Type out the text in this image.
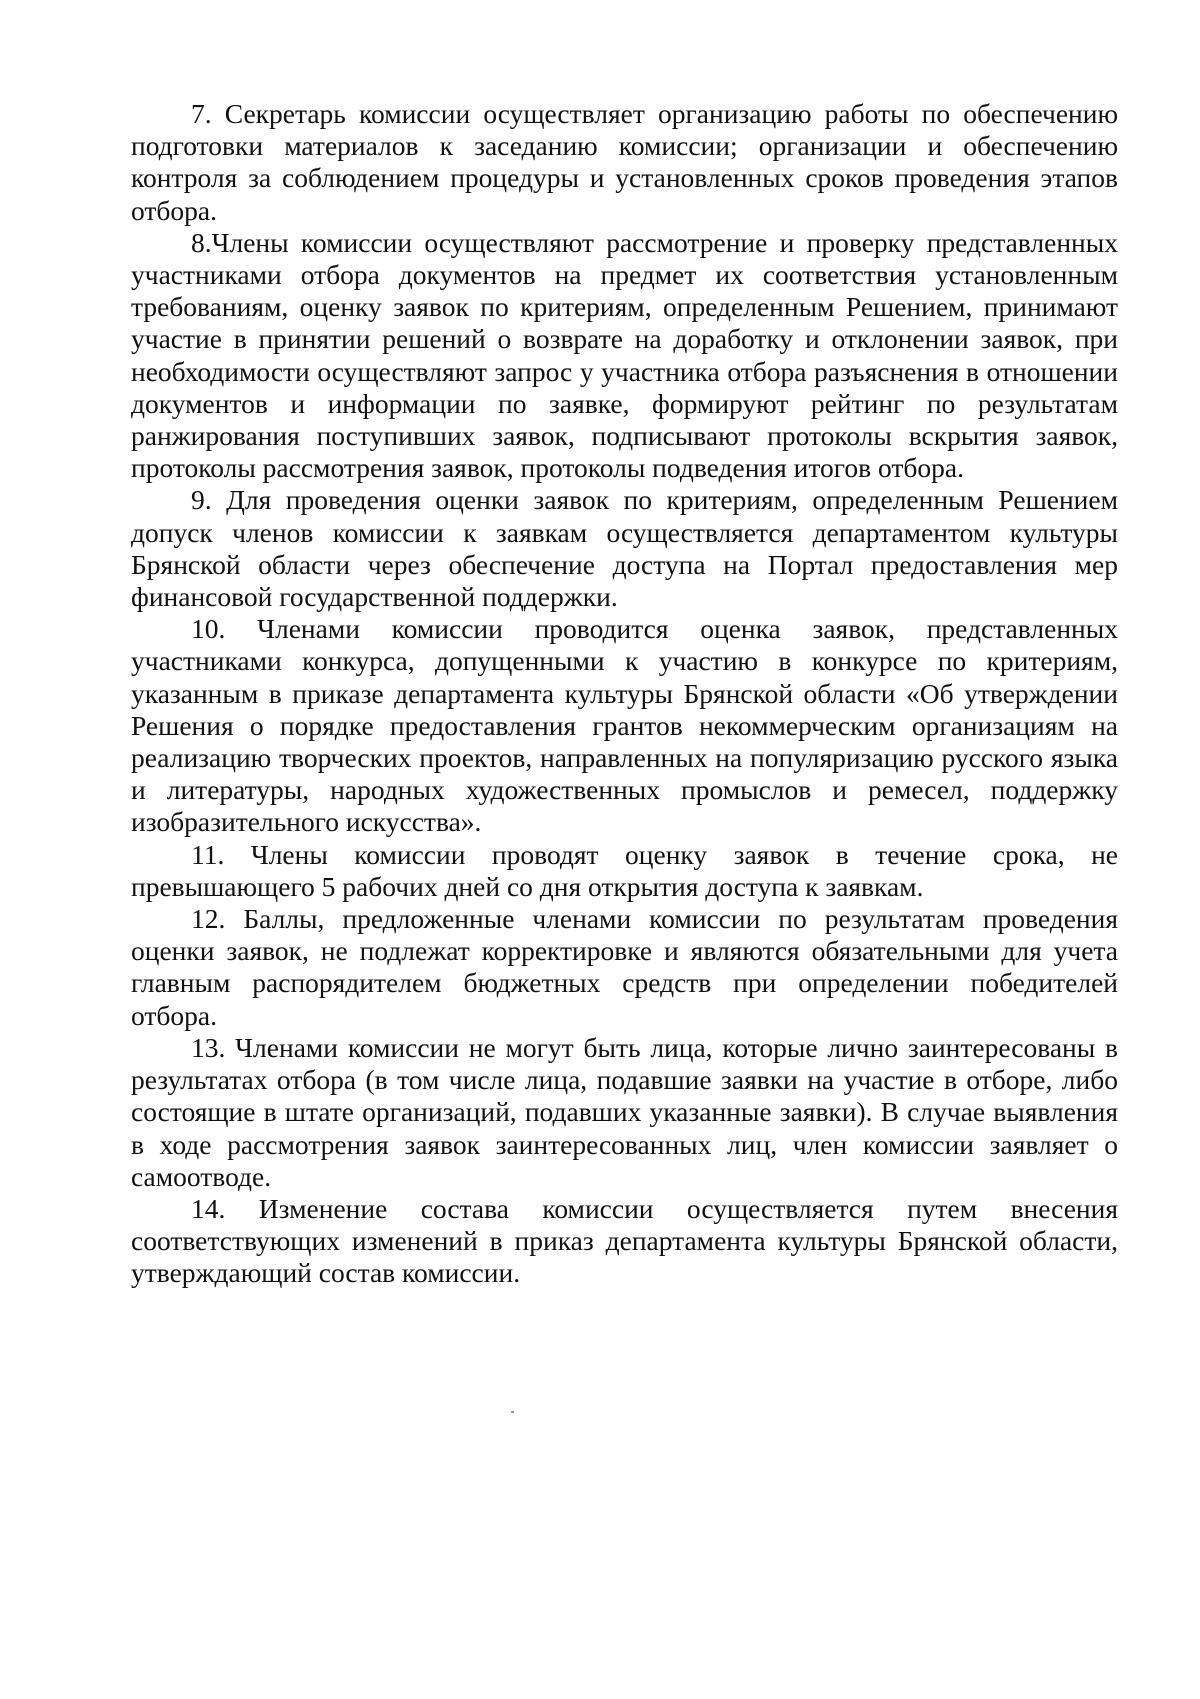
7. Секретарь комиссии осуществляет организацию работы по обеспечению подготовки материалов к заседанию комиссии; организации и обеспечению контроля за соблюдением процедуры и установленных сроков проведения этапов отбора.

8.Члены комиссии осуществляют рассмотрение и проверку представленных участниками отбора документов на предмет их соответствия установленным требованиям, оценку заявок по критериям, определенным Решением, принимают участие в принятии решений о возврате на доработку и отклонении заявок, при необходимости осуществляют запрос у участника отбора разъяснения в отношении документов и информации по заявке, формируют рейтинг по результатам ранжирования поступивших заявок, подписывают протоколы вскрытия заявок, протоколы рассмотрения заявок, протоколы подведения итогов отбора.

9. Для проведения оценки заявок по критериям, определенным Решением допуск членов комиссии к заявкам осуществляется департаментом культуры Брянской области через обеспечение доступа на Портал предоставления мер финансовой государственной поддержки.

10. Членами комиссии проводится оценка заявок, представленных участниками конкурса, допущенными к участию в конкурсе по критериям, указанным в приказе департамента культуры Брянской области «Об утверждении Решения о порядке предоставления грантов некоммерческим организациям на реализацию творческих проектов, направленных на популяризацию русского языка и литературы, народных художественных промыслов и ремесел, поддержку изобразительного искусства».

11. Члены комиссии проводят оценку заявок в течение срока, не превышающего 5 рабочих дней со дня открытия доступа к заявкам.

12. Баллы, предложенные членами комиссии по результатам проведения оценки заявок, не подлежат корректировке и являются обязательными для учета главным распорядителем бюджетных средств при определении победителей отбора.

13. Членами комиссии не могут быть лица, которые лично заинтересованы в результатах отбора (в том числе лица, подавшие заявки на участие в отборе, либо состоящие в штате организаций, подавших указанные заявки). В случае выявления в ходе рассмотрения заявок заинтересованных лиц, член комиссии заявляет о самоотводе.

14. Изменение состава комиссии осуществляется путем внесения соответствующих изменений в приказ департамента культуры Брянской области, утверждающий состав комиссии.
